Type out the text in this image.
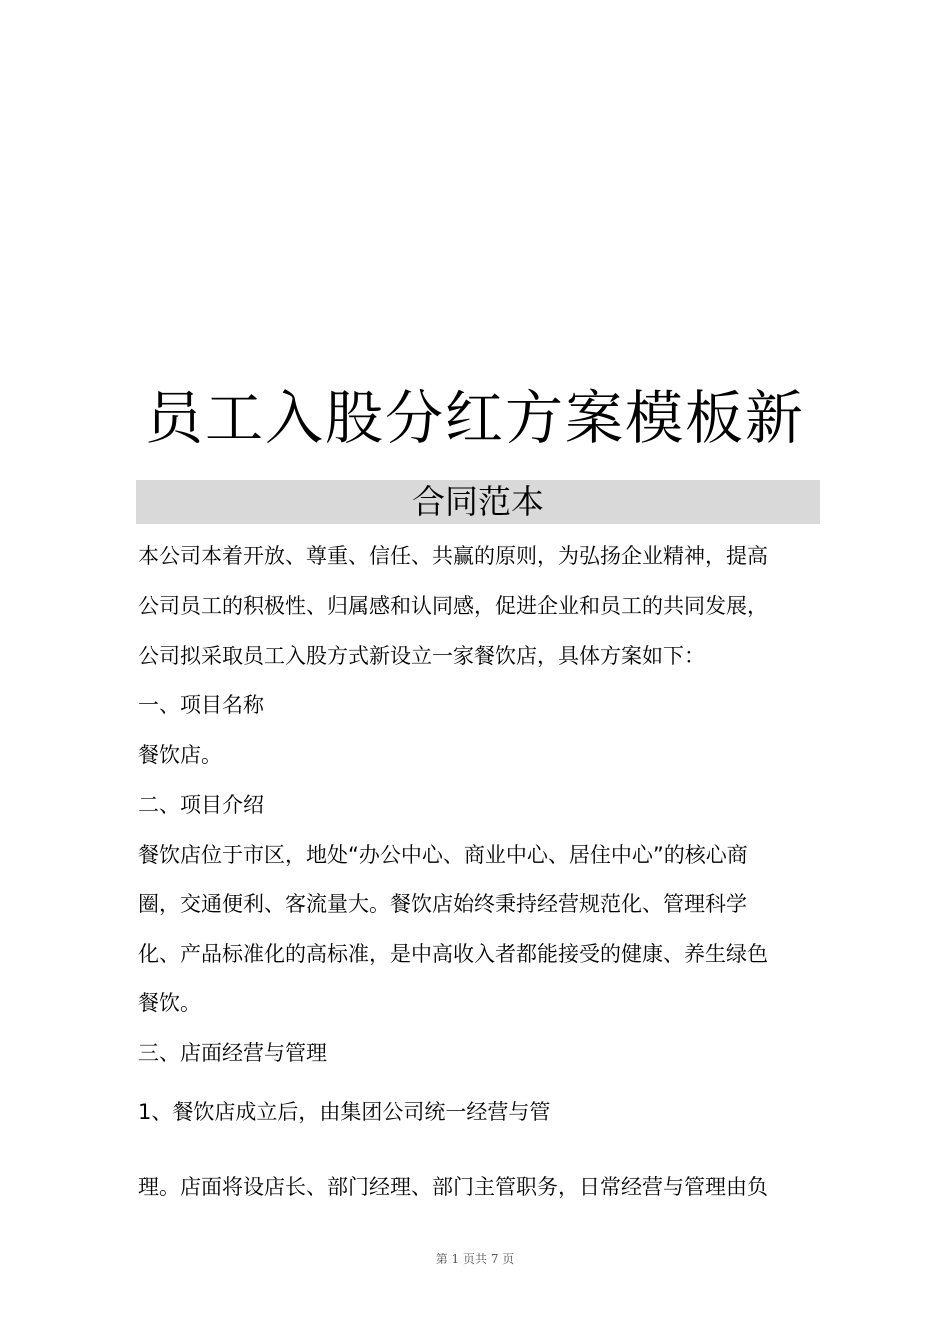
员工入股分红方案模板新
合同范本
本公司本着开放、尊重、信任、共赢的原则，为弘扬企业精神，提高
公司员工的积极性、归属感和认同感，促进企业和员工的共同发展，
公司拟采取员工入股方式新设立一家餐饮店，具体方案如下：
一、项目名称
餐饮店。
二、项目介绍
餐饮店位于市区，地处“办公中心、商业中心、居住中心”的核心商
圈，交通便利、客流量大。餐饮店始终秉持经营规范化、管理科学
化、产品标准化的高标准，是中高收入者都能接受的健康、养生绿色
餐饮。
三、店面经营与管理
1、餐饮店成立后，由集团公司统一经营与管
理。店面将设店长、部门经理、部门主管职务，日常经营与管理由负
第 1 页共 7 页
